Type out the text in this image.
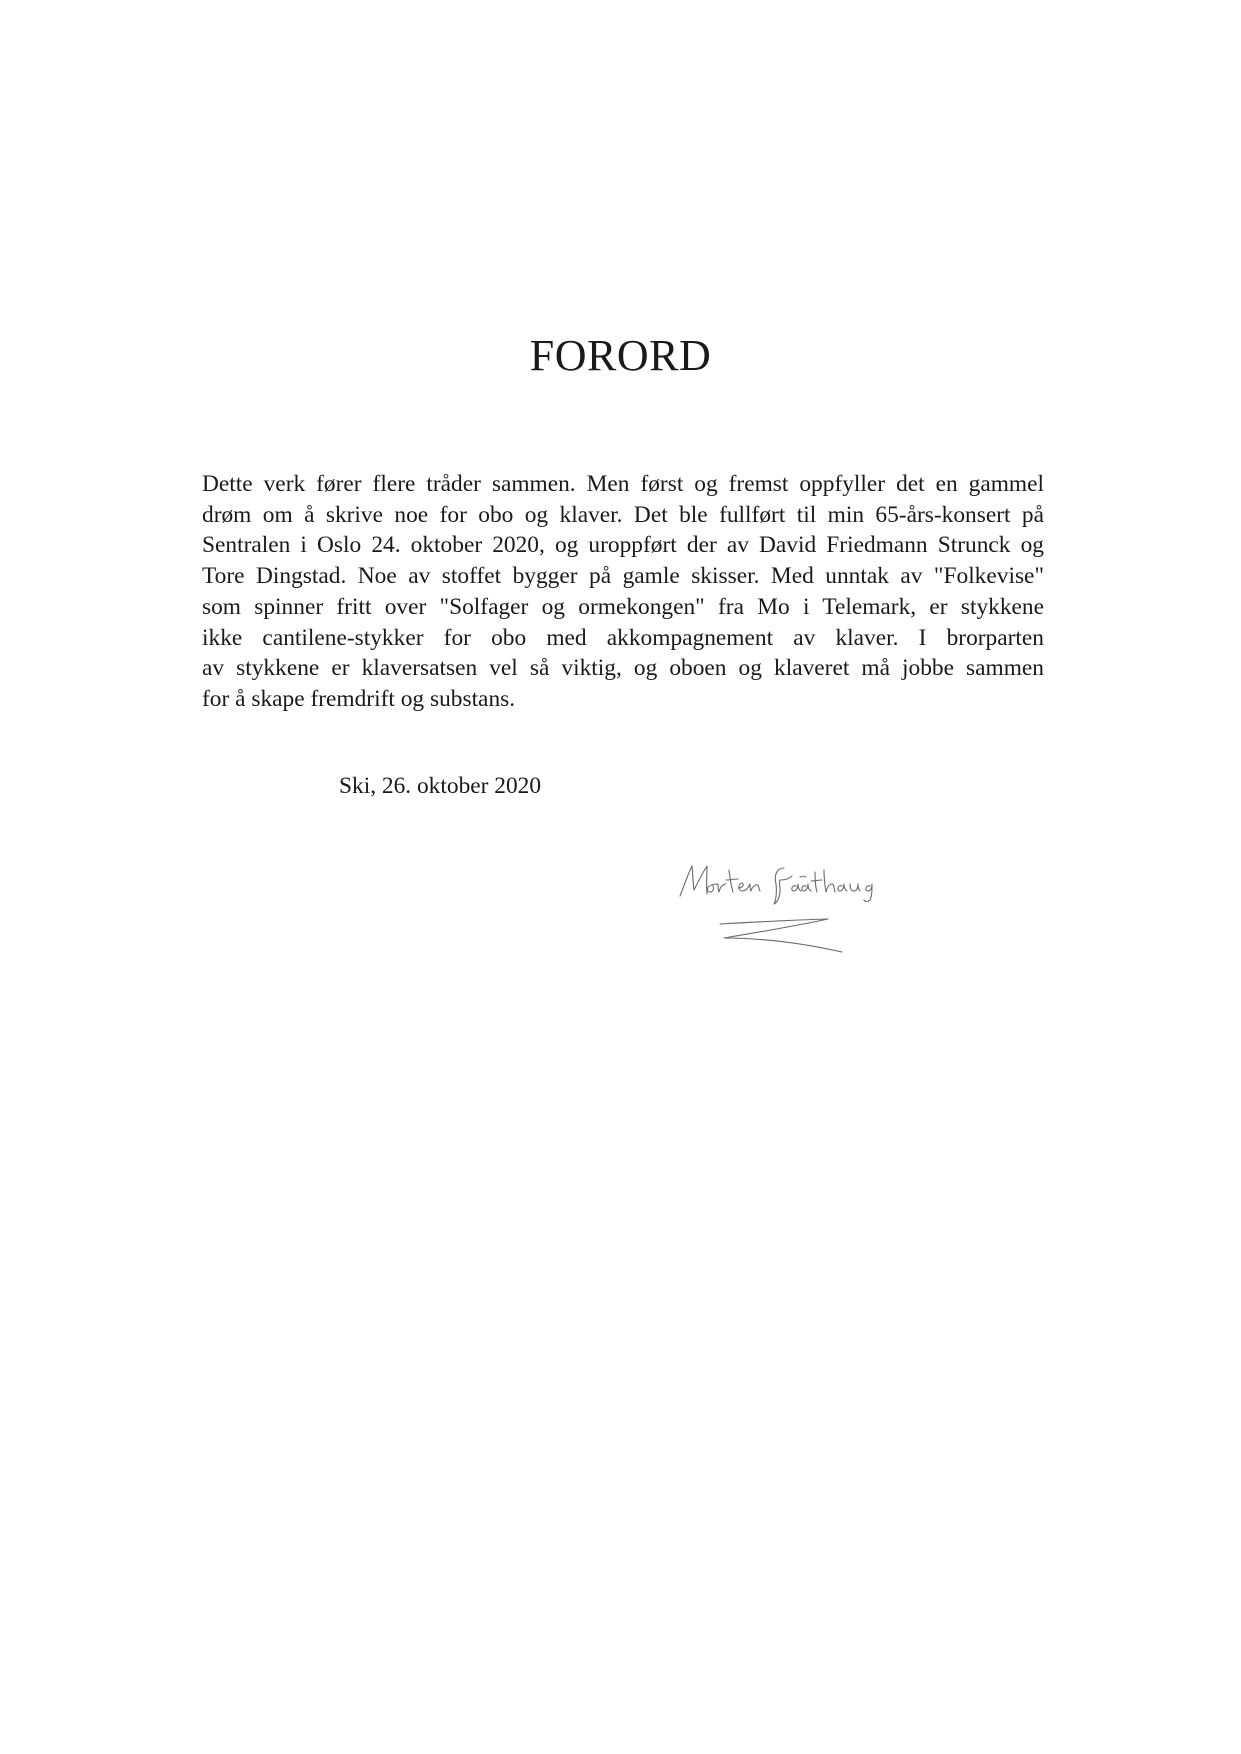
FORORD
Dette verk fører flere tråder sammen. Men først og fremst oppfyller det en gammel
drøm om å skrive noe for obo og klaver. Det ble fullført til min 65-års-konsert på
Sentralen i Oslo 24. oktober 2020, og uroppført der av David Friedmann Strunck og
Tore Dingstad. Noe av stoffet bygger på gamle skisser. Med unntak av "Folkevise"
som spinner fritt over "Solfager og ormekongen" fra Mo i Telemark, er stykkene
ikke cantilene-stykker for obo med akkompagnement av klaver. I brorparten
av stykkene er klaversatsen vel så viktig, og oboen og klaveret må jobbe sammen
for å skape fremdrift og substans.

Ski, 26. oktober 2020
